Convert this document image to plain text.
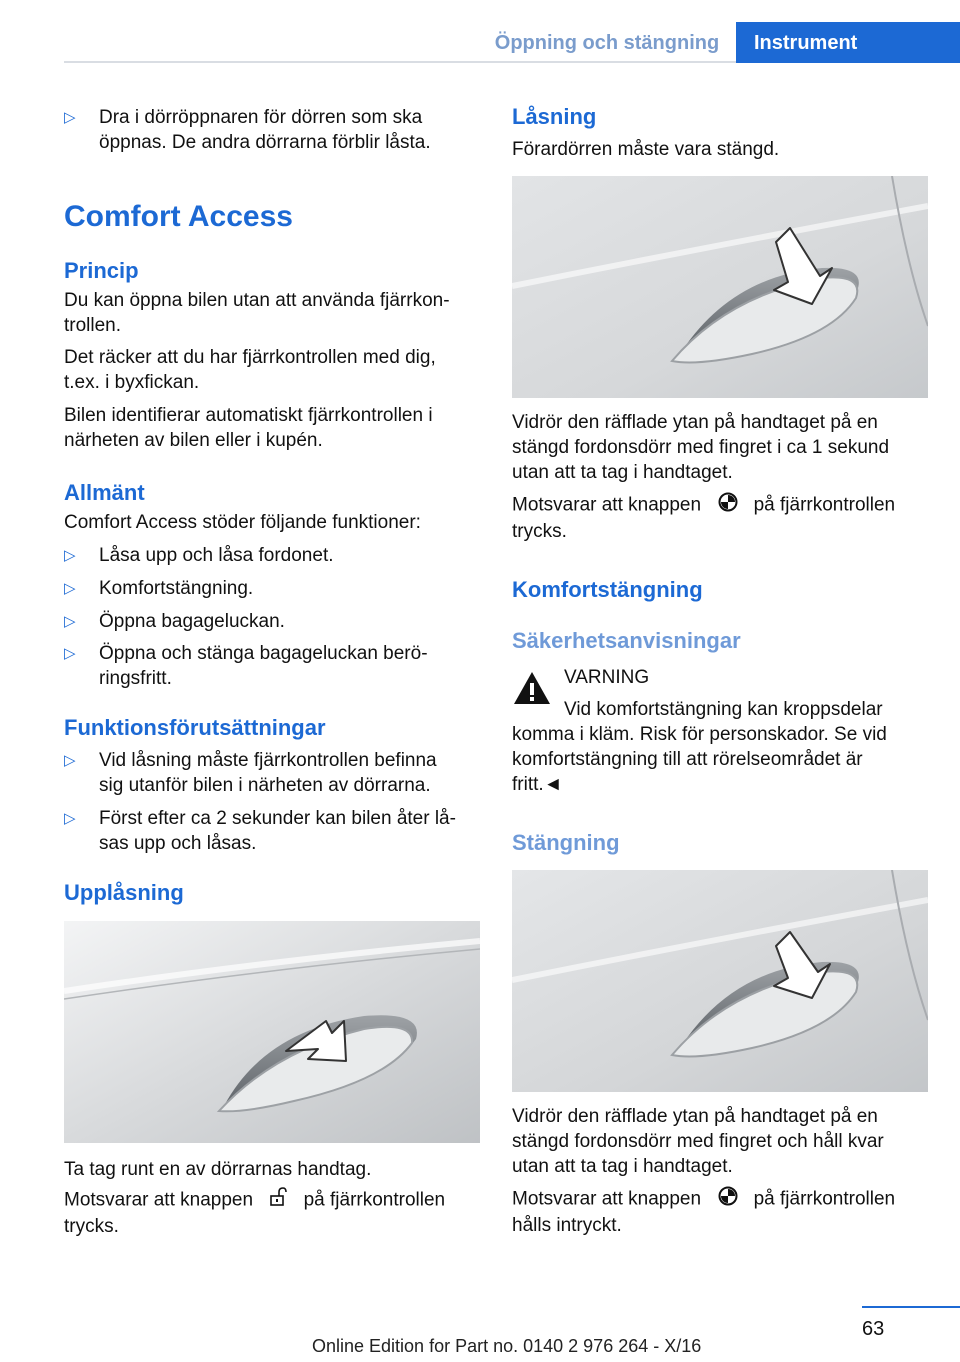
Öppning och stängning	Instrument
▷ Dra i dörröppnaren för dörren som ska
öppnas. De andra dörrarna förblir låsta.
Comfort Access
Princip
Du kan öppna bilen utan att använda fjärrkon-
trollen.
Det räcker att du har fjärrkontrollen med dig,
t.ex. i byxfickan.
Bilen identifierar automatiskt fjärrkontrollen i
närheten av bilen eller i kupén.
Allmänt
Comfort Access stöder följande funktioner:
▷ Låsa upp och låsa fordonet.
▷ Komfortstängning.
▷ Öppna bagageluckan.
▷ Öppna och stänga bagageluckan berö-
ringsfritt.
Funktionsförutsättningar
▷ Vid låsning måste fjärrkontrollen befinna
sig utanför bilen i närheten av dörrarna.
▷ Först efter ca 2 sekunder kan bilen åter lå-
sas upp och låsas.
Upplåsning
Ta tag runt en av dörrarnas handtag.
Motsvarar att knappen	på fjärrkontrollen
trycks.
Låsning
Förardörren måste vara stängd.
Vidrör den räfflade ytan på handtaget på en
stängd fordonsdörr med fingret i ca 1 sekund
utan att ta tag i handtaget.
Motsvarar att knappen	på fjärrkontrollen
trycks.
Komfortstängning
Säkerhetsanvisningar
VARNING
Vid komfortstängning kan kroppsdelar
komma i kläm. Risk för personskador. Se vid
komfortstängning till att rörelseområdet är
fritt.◄
Stängning
Vidrör den räfflade ytan på handtaget på en
stängd fordonsdörr med fingret och håll kvar
utan att ta tag i handtaget.
Motsvarar att knappen	på fjärrkontrollen
hålls intryckt.
63
Online Edition for Part no. 0140 2 976 264 - X/16
